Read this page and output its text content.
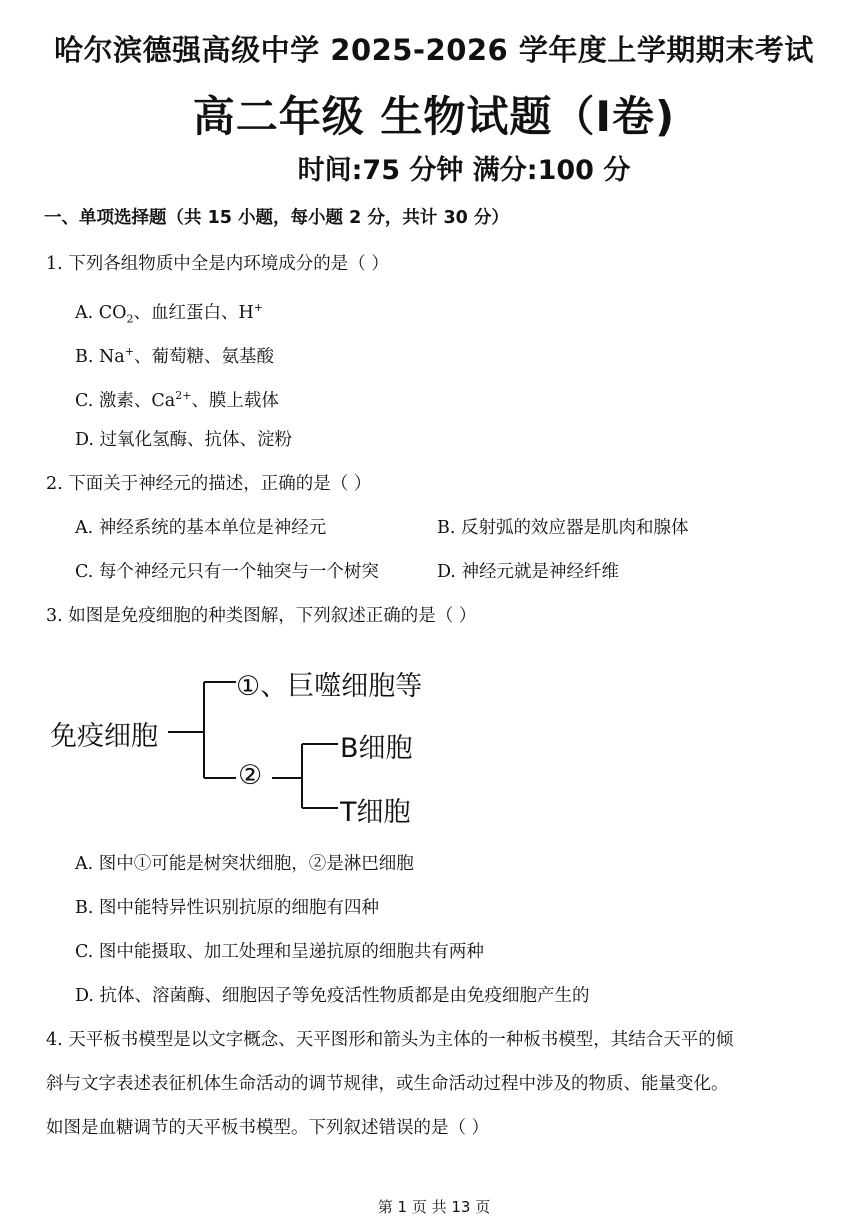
哈尔滨德强高级中学 2025-2026 学年度上学期期末考试
高二年级 生物试题（Ⅰ卷)
时间:75 分钟 满分:100 分
一、单项选择题（共 15 小题，每小题 2 分，共计 30 分）
1. 下列各组物质中全是内环境成分的是（ ）
A. $CO_2$、血红蛋白、H+
B. Na+、葡萄糖、氨基酸
C. 激素、$Ca^{2+}$、膜上载体
D. 过氧化氢酶、抗体、淀粉
2. 下面关于神经元的描述，正确的是（ ）
A. 神经系统的基本单位是神经元	B. 反射弧的效应器是肌肉和腺体
C. 每个神经元只有一个轴突与一个树突	D. 神经元就是神经纤维
3. 如图是免疫细胞的种类图解，下列叙述正确的是（ ）
免疫细胞
①、巨噬细胞等
②
B细胞
T细胞
A. 图中①可能是树突状细胞，②是淋巴细胞
B. 图中能特异性识别抗原的细胞有四种
C. 图中能摄取、加工处理和呈递抗原的细胞共有两种
D. 抗体、溶菌酶、细胞因子等免疫活性物质都是由免疫细胞产生的
4. 天平板书模型是以文字概念、天平图形和箭头为主体的一种板书模型，其结合天平的倾
斜与文字表述表征机体生命活动的调节规律，或生命活动过程中涉及的物质、能量变化。
如图是血糖调节的天平板书模型。下列叙述错误的是（ ）
第 1 页 共 13 页
